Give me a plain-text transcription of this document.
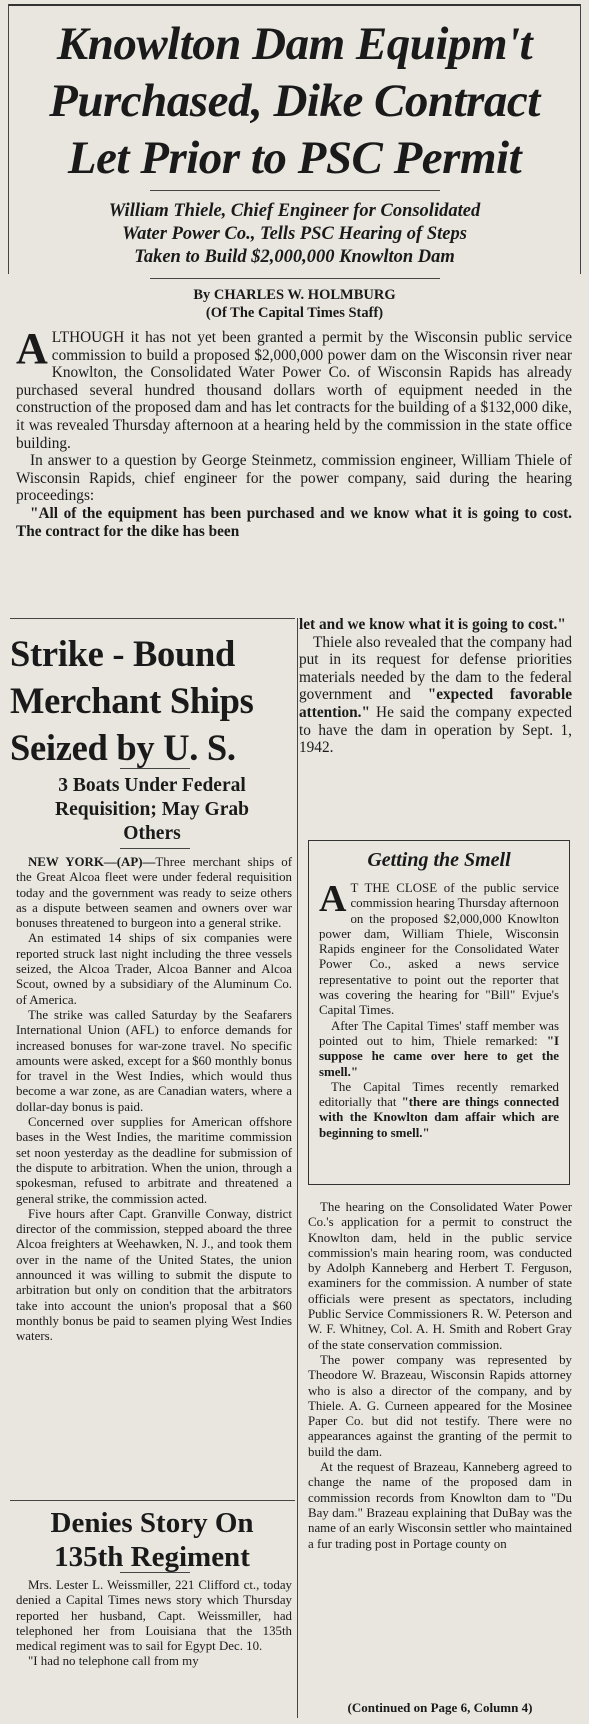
Knowlton Dam Equipm't
Purchased, Dike Contract
Let Prior to PSC Permit
William Thiele, Chief Engineer for Consolidated
Water Power Co., Tells PSC Hearing of Steps
Taken to Build $2,000,000 Knowlton Dam
By CHARLES W. HOLMBURG
(Of The Capital Times Staff)

ALTHOUGH it has not yet been granted a permit by the Wisconsin public service commission to build a proposed $2,000,000 power dam on the Wisconsin river near Knowlton, the Consolidated Water Power Co. of Wisconsin Rapids has already purchased several hundred thousand dollars worth of equipment needed in the construction of the proposed dam and has let contracts for the building of a $132,000 dike, it was revealed Thursday afternoon at a hearing held by the commission in the state office building.

In answer to a question by George Steinmetz, commission engineer, William Thiele of Wisconsin Rapids, chief engineer for the power company, said during the hearing proceedings:

"All of the equipment has been purchased and we know what it is going to cost. The contract for the dike has been

let and we know what it is going to cost."

Thiele also revealed that the company had put in its request for defense priorities materials needed by the dam to the federal government and "expected favorable attention." He said the company expected to have the dam in operation by Sept. 1, 1942.

Strike - Bound
Merchant Ships
Seized by U. S.
3 Boats Under Federal
Requisition; May Grab
Others

NEW YORK—(AP)—Three merchant ships of the Great Alcoa fleet were under federal requisition today and the government was ready to seize others as a dispute between seamen and owners over war bonuses threatened to burgeon into a general strike.

An estimated 14 ships of six companies were reported struck last night including the three vessels seized, the Alcoa Trader, Alcoa Banner and Alcoa Scout, owned by a subsidiary of the Aluminum Co. of America.

The strike was called Saturday by the Seafarers International Union (AFL) to enforce demands for increased bonuses for war-zone travel. No specific amounts were asked, except for a $60 monthly bonus for travel in the West Indies, which would thus become a war zone, as are Canadian waters, where a dollar-day bonus is paid.

Concerned over supplies for American offshore bases in the West Indies, the maritime commission set noon yesterday as the deadline for submission of the dispute to arbitration. When the union, through a spokesman, refused to arbitrate and threatened a general strike, the commission acted.

Five hours after Capt. Granville Conway, district director of the commission, stepped aboard the three Alcoa freighters at Weehawken, N. J., and took them over in the name of the United States, the union announced it was willing to submit the dispute to arbitration but only on condition that the arbitrators take into account the union's proposal that a $60 monthly bonus be paid to seamen plying West Indies waters.

Denies Story On
135th Regiment

Mrs. Lester L. Weissmiller, 221 Clifford ct., today denied a Capital Times news story which Thursday reported her husband, Capt. Weissmiller, had telephoned her from Louisiana that the 135th medical regiment was to sail for Egypt Dec. 10.

"I had no telephone call from my

Getting the Smell

A T THE CLOSE of the public service commission hearing Thursday afternoon on the proposed $2,000,000 Knowlton power dam, William Thiele, Wisconsin Rapids engineer for the Consolidated Water Power Co., asked a news service representative to point out the reporter that was covering the hearing for "Bill" Evjue's Capital Times.

After The Capital Times' staff member was pointed out to him, Thiele remarked: "I suppose he came over here to get the smell."

The Capital Times recently remarked editorially that "there are things connected with the Knowlton dam affair which are beginning to smell."

The hearing on the Consolidated Water Power Co.'s application for a permit to construct the Knowlton dam, held in the public service commission's main hearing room, was conducted by Adolph Kanneberg and Herbert T. Ferguson, examiners for the commission. A number of state officials were present as spectators, including Public Service Commissioners R. W. Peterson and W. F. Whitney, Col. A. H. Smith and Robert Gray of the state conservation commission.

The power company was represented by Theodore W. Brazeau, Wisconsin Rapids attorney who is also a director of the company, and by Thiele. A. G. Curneen appeared for the Mosinee Paper Co. but did not testify. There were no appearances against the granting of the permit to build the dam.

At the request of Brazeau, Kanneberg agreed to change the name of the proposed dam in commission records from Knowlton dam to "Du Bay dam." Brazeau explaining that DuBay was the name of an early Wisconsin settler who maintained a fur trading post in Portage county on

(Continued on Page 6, Column 4)
